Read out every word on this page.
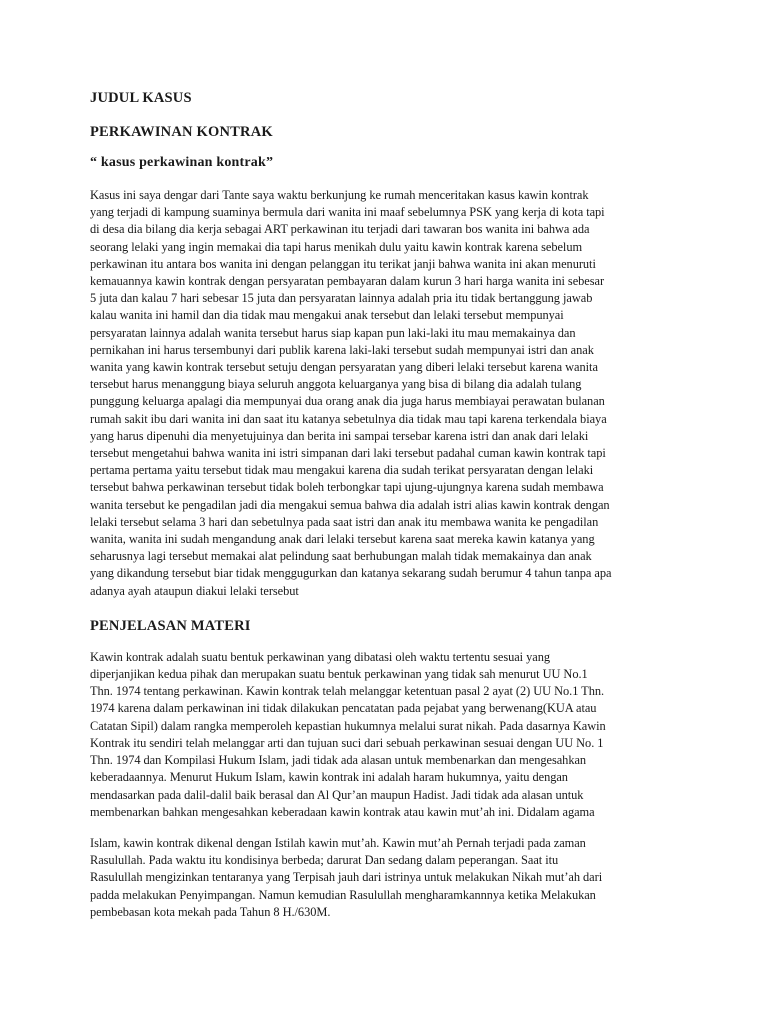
JUDUL KASUS
PERKAWINAN KONTRAK
“ kasus perkawinan kontrak”

Kasus ini saya dengar dari Tante saya waktu berkunjung ke rumah menceritakan kasus kawin kontrak
yang terjadi di kampung suaminya bermula dari wanita ini maaf sebelumnya PSK yang kerja di kota tapi
di desa dia bilang dia kerja sebagai ART perkawinan itu terjadi dari tawaran bos wanita ini bahwa ada
seorang lelaki yang ingin memakai dia tapi harus menikah dulu yaitu kawin kontrak karena sebelum
perkawinan itu antara bos wanita ini dengan pelanggan itu terikat janji bahwa wanita ini akan menuruti
kemauannya kawin kontrak dengan persyaratan pembayaran dalam kurun 3 hari harga wanita ini sebesar
5 juta dan kalau 7 hari sebesar 15 juta dan persyaratan lainnya adalah pria itu tidak bertanggung jawab
kalau wanita ini hamil dan dia tidak mau mengakui anak tersebut dan lelaki tersebut mempunyai
persyaratan lainnya adalah wanita tersebut harus siap kapan pun laki-laki itu mau memakainya dan
pernikahan ini harus tersembunyi dari publik karena laki-laki tersebut sudah mempunyai istri dan anak
wanita yang kawin kontrak tersebut setuju dengan persyaratan yang diberi lelaki tersebut karena wanita
tersebut harus menanggung biaya seluruh anggota keluarganya yang bisa di bilang dia adalah tulang
punggung keluarga apalagi dia mempunyai dua orang anak dia juga harus membiayai perawatan bulanan
rumah sakit ibu dari wanita ini dan saat itu katanya sebetulnya dia tidak mau tapi karena terkendala biaya
yang harus dipenuhi dia menyetujuinya dan berita ini sampai tersebar karena istri dan anak dari lelaki
tersebut mengetahui bahwa wanita ini istri simpanan dari laki tersebut padahal cuman kawin kontrak tapi
pertama pertama yaitu tersebut tidak mau mengakui karena dia sudah terikat persyaratan dengan lelaki
tersebut bahwa perkawinan tersebut tidak boleh terbongkar tapi ujung-ujungnya karena sudah membawa
wanita tersebut ke pengadilan jadi dia mengakui semua bahwa dia adalah istri alias kawin kontrak dengan
lelaki tersebut selama 3 hari dan sebetulnya pada saat istri dan anak itu membawa wanita ke pengadilan
wanita, wanita ini sudah mengandung anak dari lelaki tersebut karena saat mereka kawin katanya yang
seharusnya lagi tersebut memakai alat pelindung saat berhubungan malah tidak memakainya dan anak
yang dikandung tersebut biar tidak menggugurkan dan katanya sekarang sudah berumur 4 tahun tanpa apa
adanya ayah ataupun diakui lelaki tersebut

PENJELASAN MATERI

Kawin kontrak adalah suatu bentuk perkawinan yang dibatasi oleh waktu tertentu sesuai yang
diperjanjikan kedua pihak dan merupakan suatu bentuk perkawinan yang tidak sah menurut UU No.1
Thn. 1974 tentang perkawinan. Kawin kontrak telah melanggar ketentuan pasal 2 ayat (2) UU No.1 Thn.
1974 karena dalam perkawinan ini tidak dilakukan pencatatan pada pejabat yang berwenang(KUA atau
Catatan Sipil) dalam rangka memperoleh kepastian hukumnya melalui surat nikah. Pada dasarnya Kawin
Kontrak itu sendiri telah melanggar arti dan tujuan suci dari sebuah perkawinan sesuai dengan UU No. 1
Thn. 1974 dan Kompilasi Hukum Islam, jadi tidak ada alasan untuk membenarkan dan mengesahkan
keberadaannya. Menurut Hukum Islam, kawin kontrak ini adalah haram hukumnya, yaitu dengan
mendasarkan pada dalil-dalil baik berasal dan Al Qur’an maupun Hadist. Jadi tidak ada alasan untuk
membenarkan bahkan mengesahkan keberadaan kawin kontrak atau kawin mut’ah ini. Didalam agama

Islam, kawin kontrak dikenal dengan Istilah kawin mut’ah. Kawin mut’ah Pernah terjadi pada zaman
Rasulullah. Pada waktu itu kondisinya berbeda; darurat Dan sedang dalam peperangan. Saat itu
Rasulullah mengizinkan tentaranya yang Terpisah jauh dari istrinya untuk melakukan Nikah mut’ah dari
padda melakukan Penyimpangan. Namun kemudian Rasulullah mengharamkannnya ketika Melakukan
pembebasan kota mekah pada Tahun 8 H./630M.
